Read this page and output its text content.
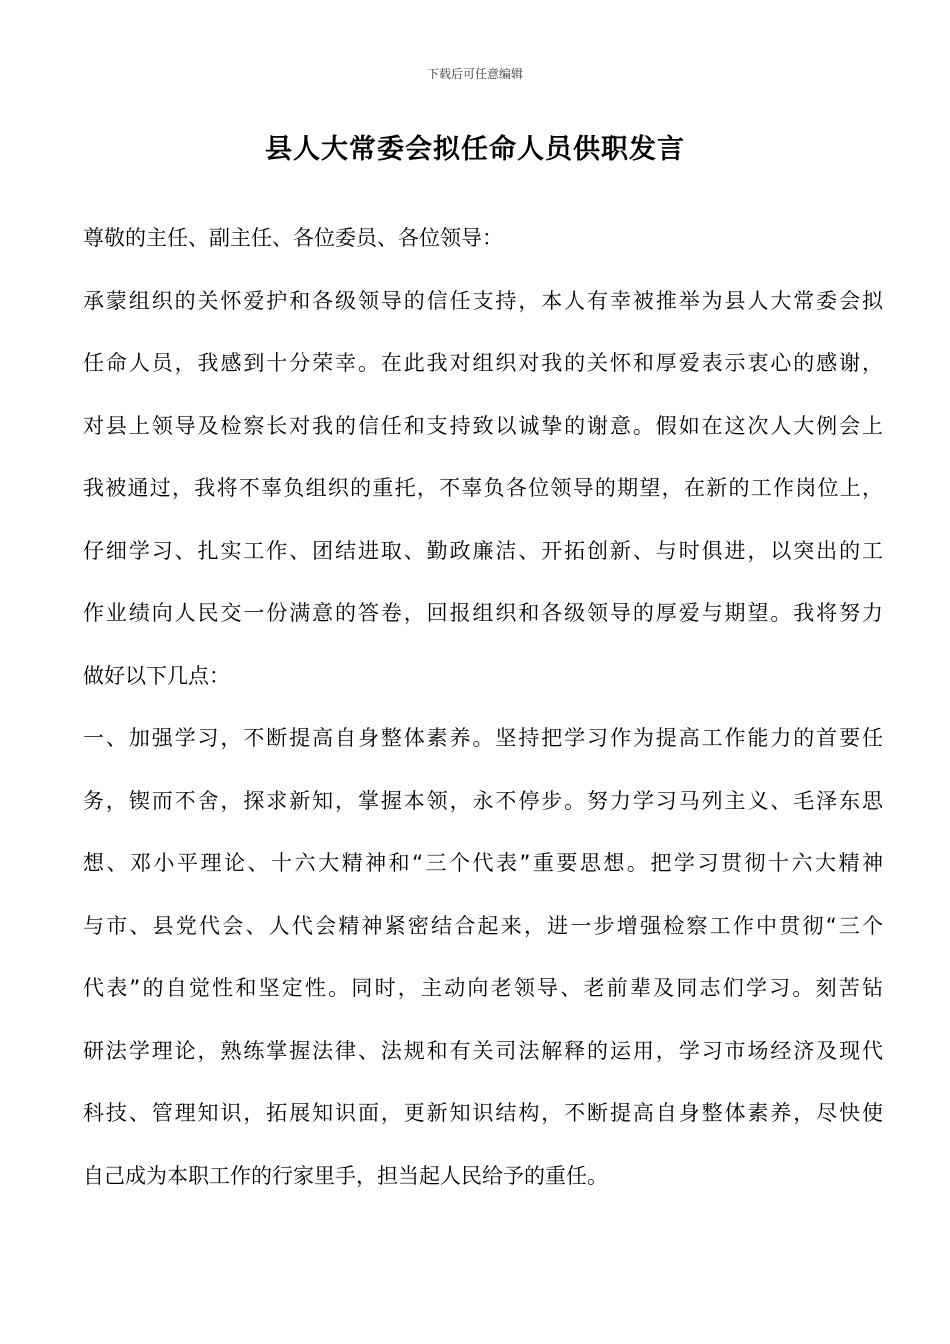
下载后可任意编辑
县人大常委会拟任命人员供职发言
尊敬的主任、副主任、各位委员、各位领导：
承蒙组织的关怀爱护和各级领导的信任支持，本人有幸被推举为县人大常委会拟
任命人员，我感到十分荣幸。在此我对组织对我的关怀和厚爱表示衷心的感谢，
对县上领导及检察长对我的信任和支持致以诚挚的谢意。假如在这次人大例会上
我被通过，我将不辜负组织的重托，不辜负各位领导的期望，在新的工作岗位上，
仔细学习、扎实工作、团结进取、勤政廉洁、开拓创新、与时俱进，以突出的工
作业绩向人民交一份满意的答卷，回报组织和各级领导的厚爱与期望。我将努力
做好以下几点：
一、加强学习，不断提高自身整体素养。坚持把学习作为提高工作能力的首要任
务，锲而不舍，探求新知，掌握本领，永不停步。努力学习马列主义、毛泽东思
想、邓小平理论、十六大精神和“三个代表”重要思想。把学习贯彻十六大精神
与市、县党代会、人代会精神紧密结合起来，进一步增强检察工作中贯彻“三个
代表”的自觉性和坚定性。同时，主动向老领导、老前辈及同志们学习。刻苦钻
研法学理论，熟练掌握法律、法规和有关司法解释的运用，学习市场经济及现代
科技、管理知识，拓展知识面，更新知识结构，不断提高自身整体素养，尽快使
自己成为本职工作的行家里手，担当起人民给予的重任。
